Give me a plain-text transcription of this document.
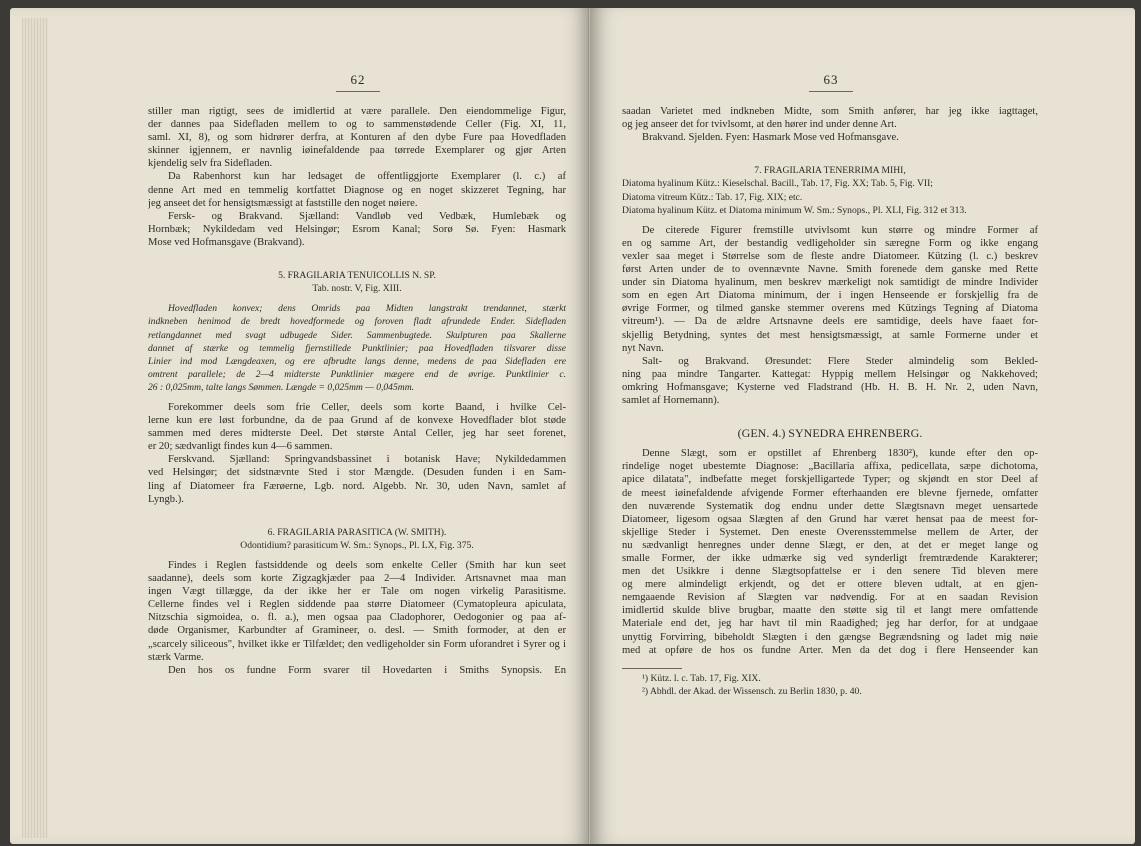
62
stiller man rigtigt, sees de imidlertid at være parallele. Den eiendommelige Figur,
der dannes paa Sidefladen mellem to og to sammenstødende Celler (Fig. XI, 11,
saml. XI, 8), og som hidrører derfra, at Konturen af den dybe Fure paa Hovedfladen
skinner igjennem, er navnlig iøinefaldende paa tørrede Exemplarer og gjør Arten
kjendelig selv fra Sidefladen.
Da Rabenhorst kun har ledsaget de offentliggjorte Exemplarer (l. c.) af
denne Art med en temmelig kortfattet Diagnose og en noget skizzeret Tegning, har
jeg anseet det for hensigtsmæssigt at faststille den noget nøiere.
Fersk- og Brakvand. Sjælland: Vandløb ved Vedbæk, Humlebæk og
Hornbæk; Nykildedam ved Helsingør; Esrom Kanal; Sorø Sø. Fyen: Hasmark
Mose ved Hofmansgave (Brakvand).
5. FRAGILARIA TENUICOLLIS N. SP.
Tab. nostr. V, Fig. XIII.
Hovedfladen konvex; dens Omrids paa Midten langstrakt trendannet, stærkt
indkneben henimod de bredt hovedformede og foroven fladt afrundede Ender. Sidefladen
retlangdannet med svagt udbugede Sider. Sammenbugtede. Skulpturen paa Skallerne
dannet af stærke og temmelig fjernstillede Punktlinier; paa Hovedfladen tilsvarer disse
Linier ind mod Længdeaxen, og ere afbrudte langs denne, medens de paa Sidefladen ere
omtrent parallele; de 2—4 midterste Punktlinier mægere end de øvrige. Punktlinier c.
26 : 0,025mm, talte langs Sømmen. Længde = 0,025mm — 0,045mm.
Forekommer deels som frie Celler, deels som korte Baand, i hvilke Cel-
lerne kun ere løst forbundne, da de paa Grund af de konvexe Hovedflader blot støde
sammen med deres midterste Deel. Det største Antal Celler, jeg har seet forenet,
er 20; sædvanligt findes kun 4—6 sammen.
Ferskvand. Sjælland: Springvandsbassinet i botanisk Have; Nykildedammen
ved Helsingør; det sidstnævnte Sted i stor Mængde. (Desuden funden i en Sam-
ling af Diatomeer fra Færøerne, Lgb. nord. Algebb. Nr. 30, uden Navn, samlet af
Lyngb.).
6. FRAGILARIA PARASITICA (W. SMITH).
Odontidium? parasiticum W. Sm.: Synops., Pl. LX, Fig. 375.
Findes i Reglen fastsiddende og deels som enkelte Celler (Smith har kun seet
saadanne), deels som korte Zigzagkjæder paa 2—4 Individer. Artsnavnet maa man
ingen Vægt tillægge, da der ikke her er Tale om nogen virkelig Parasitisme.
Cellerne findes vel i Reglen siddende paa større Diatomeer (Cymatopleura apiculata,
Nitzschia sigmoidea, o. fl. a.), men ogsaa paa Cladophorer, Oedogonier og paa af-
døde Organismer, Karbundter af Gramineer, o. desl. — Smith formoder, at den er
„scarcely siliceous", hvilket ikke er Tilfældet; den vedligeholder sin Form uforandret i Syrer og i stærk Varme.
Den hos os fundne Form svarer til Hovedarten i Smiths Synopsis. En
63
saadan Varietet med indkneben Midte, som Smith anfører, har jeg ikke iagttaget,
og jeg anseer det for tvivlsomt, at den hører ind under denne Art.
Brakvand. Sjelden. Fyen: Hasmark Mose ved Hofmansgave.
7. FRAGILARIA TENERRIMA MIHI,
Diatoma hyalinum Kütz.: Kieselschal. Bacill., Tab. 17, Fig. XX; Tab. 5, Fig. VII;
Diatoma vitreum Kütz.: Tab. 17, Fig. XIX; etc.
Diatoma hyalinum Kütz. et Diatoma minimum W. Sm.: Synops., Pl. XLI, Fig. 312 et 313.
De citerede Figurer fremstille utvivlsomt kun større og mindre Former af
en og samme Art, der bestandig vedligeholder sin særegne Form og ikke engang
vexler saa meget i Størrelse som de fleste andre Diatomeer. Kützing (l. c.) beskrev
først Arten under de to ovennævnte Navne. Smith forenede dem ganske med Rette
under sin Diatoma hyalinum, men beskrev mærkeligt nok samtidigt de mindre Individer
som en egen Art Diatoma minimum, der i ingen Henseende er forskjellig fra de
øvrige Former, og tilmed ganske stemmer overens med Kützings Tegning af Diatoma
vitreum¹). — Da de ældre Artsnavne deels ere samtidige, deels have faaet for-
skjellig Betydning, syntes det mest hensigtsmæssigt, at samle Formerne under et
nyt Navn.
Salt- og Brakvand. Øresundet: Flere Steder almindelig som Bekled-
ning paa mindre Tangarter. Kattegat: Hyppig mellem Helsingør og Nakkehoved;
omkring Hofmansgave; Kysterne ved Fladstrand (Hb. H. B. H. Nr. 2, uden Navn,
samlet af Hornemann).
(GEN. 4.) SYNEDRA EHRENBERG.
Denne Slægt, som er opstillet af Ehrenberg 1830²), kunde efter den op-
rindelige noget ubestemte Diagnose: „Bacillaria affixa, pedicellata, sæpe dichotoma,
apice dilatata", indbefatte meget forskjelligartede Typer; og skjøndt en stor Deel af
de meest iøinefaldende afvigende Former efterhaanden ere blevne fjernede, omfatter
den nuværende Systematik dog endnu under dette Slægtsnavn meget uensartede
Diatomeer, ligesom ogsaa Slægten af den Grund har været hensat paa de meest for-
skjellige Steder i Systemet. Den eneste Overensstemmelse mellem de Arter, der
nu sædvanligt henregnes under denne Slægt, er den, at det er meget lange og
smalle Former, der ikke udmærke sig ved synderligt fremtrædende Karakterer;
men det Usikkre i denne Slægtsopfattelse er i den senere Tid bleven mere
og mere almindeligt erkjendt, og det er ottere bleven udtalt, at en gjen-
nemgaaende Revision af Slægten var nødvendig. For at en saadan Revision
imidlertid skulde blive brugbar, maatte den støtte sig til et langt mere omfattende
Materiale end det, jeg har havt til min Raadighed; jeg har derfor, for at undgaae
unyttig Forvirring, bibeholdt Slægten i den gængse Begrændsning og ladet mig nøie
med at opføre de hos os fundne Arter. Men da det dog i flere Henseender kan
¹) Kütz. l. c. Tab. 17, Fig. XIX.
²) Abhdl. der Akad. der Wissensch. zu Berlin 1830, p. 40.
